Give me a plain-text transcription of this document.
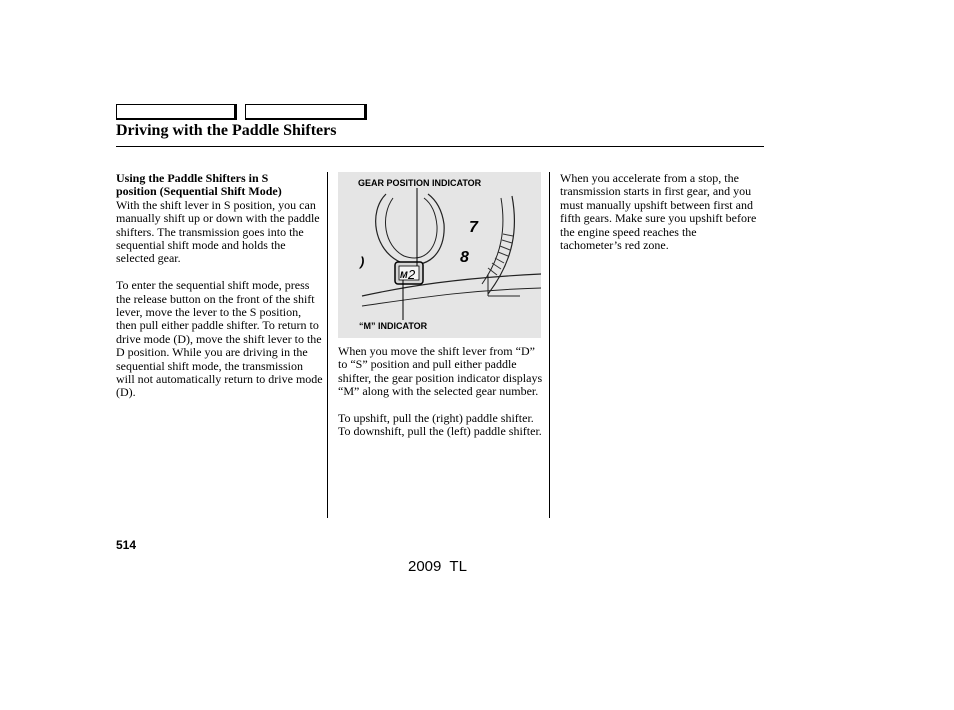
Driving with the Paddle Shifters
Using the Paddle Shifters in S
position (Sequential Shift Mode)

With the shift lever in S position, you can manually shift up or down with the paddle shifters. The transmission goes into the sequential shift mode and holds the selected gear.

To enter the sequential shift mode, press the release button on the front of the shift lever, move the lever to the S position, then pull either paddle shifter. To return to drive mode (D), move the shift lever to the D position. While you are driving in the sequential shift mode, the transmission will not automatically return to drive mode (D).

7
8
)
M 2
GEAR POSITION INDICATOR
“M” INDICATOR

When you move the shift lever from “D” to “S” position and pull either paddle shifter, the gear position indicator displays “M” along with the selected gear number.

To upshift, pull the (right) paddle shifter. To downshift, pull the (left) paddle shifter.

When you accelerate from a stop, the transmission starts in first gear, and you must manually upshift between first and fifth gears. Make sure you upshift before the engine speed reaches the tachometer’s red zone.

514
2009  TL
